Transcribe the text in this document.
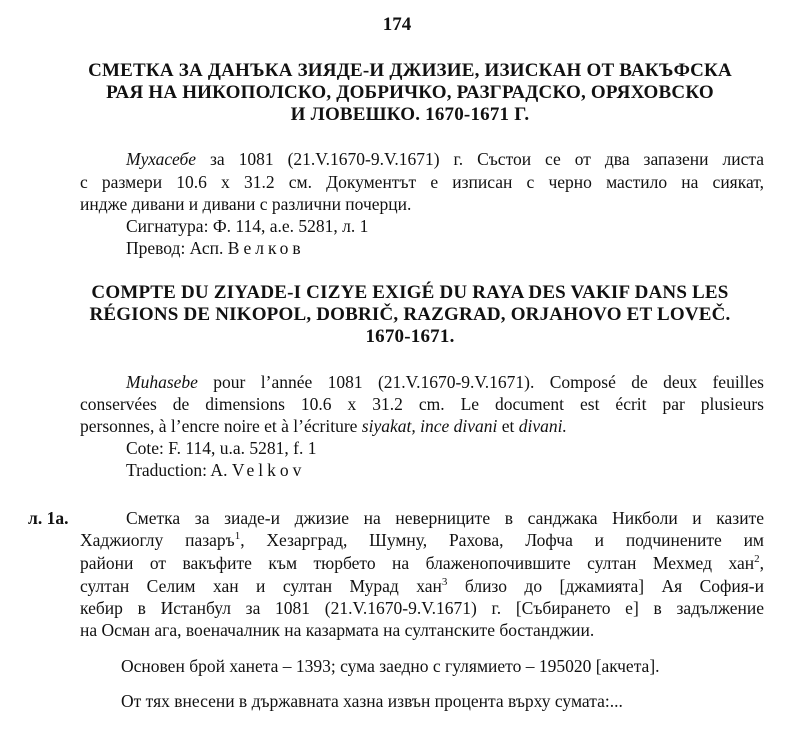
174
СМЕТКА ЗА ДАНЪКА ЗИЯДЕ-И ДЖИЗИЕ, ИЗИСКАН ОТ ВАКЪФСКА
РАЯ НА НИКОПОЛСКО, ДОБРИЧКО, РАЗГРАДСКО, ОРЯХОВСКО
И ЛОВЕШКО. 1670-1671 Г.
Мухасебе за 1081 (21.V.1670-9.V.1671) г. Състои се от два запазени листа
с размери 10.6 х 31.2 см. Документът е изписан с черно мастило на сиякат,
индже дивани и дивани с различни почерци.
Сигнатура: Ф. 114, а.е. 5281, л. 1
Превод: Асп. Велков
COMPTE DU ZIYADE-I CIZYE EXIGÉ DU RAYA DES VAKIF DANS LES
RÉGIONS DE NIKOPOL, DOBRIČ, RAZGRAD, ORJAHOVO ET LOVEČ.
1670-1671.
Muhasebe pour l’année 1081 (21.V.1670-9.V.1671). Composé de deux feuilles
conservées de dimensions 10.6 x 31.2 cm. Le document est écrit par plusieurs
personnes, à l’encre noire et à l’écriture siyakat, ince divani et divani.
Cote: F. 114, u.a. 5281, f. 1
Traduction: A. Velkov
л. 1а.	Сметка за зиаде-и джизие на неверниците в санджака Никболи и казите
Хаджиоглу пазаръ$^1$, Хезарград, Шумну, Рахова, Лофча и подчинените им
райони от вакъфите към тюрбето на блаженопочившите султан Мехмед хан$^2$,
султан Селим хан и султан Мурад хан$^3$ близо до [джамията] Ая София-и
кебир в Истанбул за 1081 (21.V.1670-9.V.1671) г. [Събирането е] в задължение
на Осман ага, военачалник на казармата на султанските бостанджии.
Основен брой ханета – 1393; сума заедно с гулямието – 195020 [акчета].
От тях внесени в държавната хазна извън процента върху сумата:...
